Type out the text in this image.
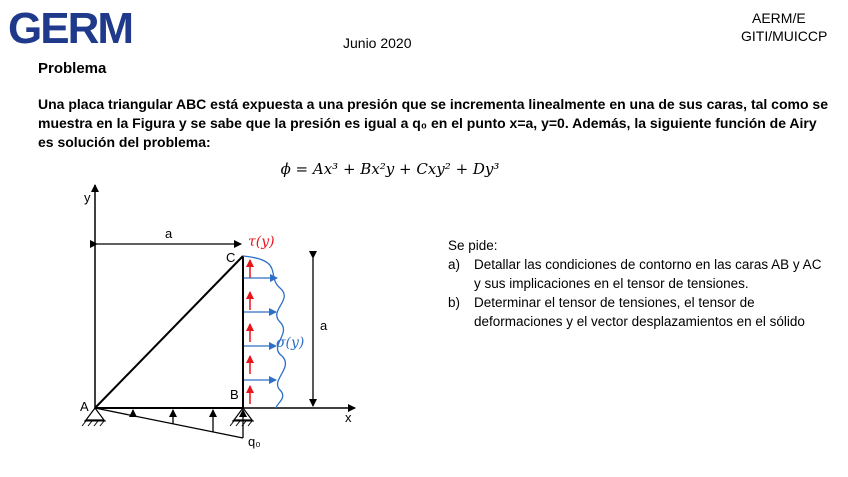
GERM	Junio 2020
AERM/E
GITI/MUICCP
Problema
Una placa triangular ABC está expuesta a una presión que se incrementa linealmente en una de sus caras, tal como se muestra en la Figura y se sabe que la presión es igual a q₀ en el punto x=a, y=0. Además, la siguiente función de Airy es solución del problema:
ϕ = Ax³ + Bx²y + Cxy² + Dy³
y
x
a
a
A
B
C
τ(y)
σ(y)
q₀
Se pide:
a) Detallar las condiciones de contorno en las caras AB y AC y sus implicaciones en el tensor de tensiones.
b) Determinar el tensor de tensiones, el tensor de deformaciones y el vector desplazamientos en el sólido
